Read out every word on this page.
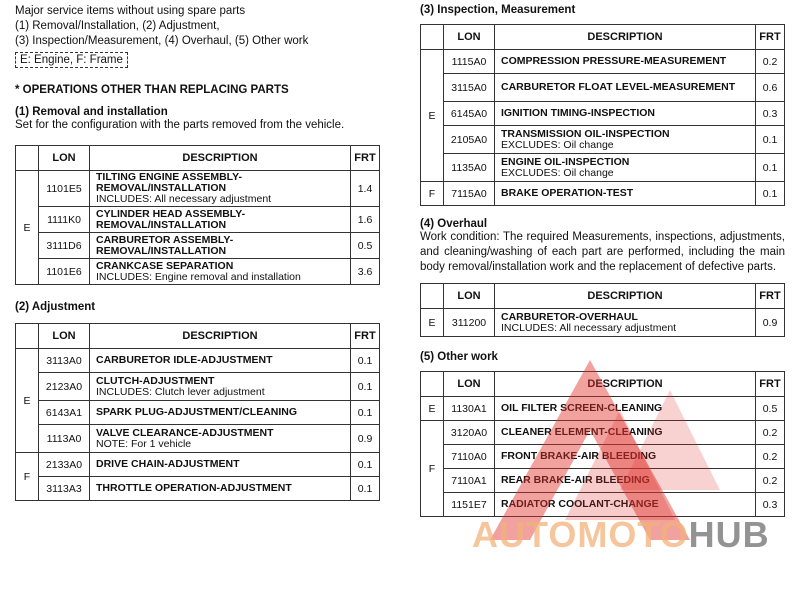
Major service items without using spare parts

(1) Removal/Installation, (2) Adjustment,

(3) Inspection/Measurement, (4) Overhaul, (5) Other work

E: Engine, F: Frame
* OPERATIONS OTHER THAN REPLACING PARTS
(1) Removal and installation

Set for the configuration with the parts removed from the vehicle.

	LON	DESCRIPTION	FRT
E	1101E5	TILTING ENGINE ASSEMBLY-REMOVAL/INSTALLATION
INCLUDES: All necessary adjustment	1.4
	1111K0	CYLINDER HEAD ASSEMBLY-REMOVAL/INSTALLATION	1.6
	3111D6	CARBURETOR ASSEMBLY-REMOVAL/INSTALLATION	0.5
	1101E6	CRANKCASE SEPARATION
INCLUDES: Engine removal and installation	3.6
(2) Adjustment
	LON	DESCRIPTION	FRT
E	3113A0	CARBURETOR IDLE-ADJUSTMENT	0.1
	2123A0	CLUTCH-ADJUSTMENT
INCLUDES: Clutch lever adjustment	0.1
	6143A1	SPARK PLUG-ADJUSTMENT/CLEANING	0.1
	1113A0	VALVE CLEARANCE-ADJUSTMENT
NOTE: For 1 vehicle	0.9
F	2133A0	DRIVE CHAIN-ADJUSTMENT	0.1
	3113A3	THROTTLE OPERATION-ADJUSTMENT	0.1
(3) Inspection, Measurement
	LON	DESCRIPTION	FRT
E	1115A0	COMPRESSION PRESSURE-MEASUREMENT	0.2
	3115A0	CARBURETOR FLOAT LEVEL-MEASUREMENT	0.6
	6145A0	IGNITION TIMING-INSPECTION	0.3
	2105A0	TRANSMISSION OIL-INSPECTION
EXCLUDES: Oil change	0.1
	1135A0	ENGINE OIL-INSPECTION
EXCLUDES: Oil change	0.1
F	7115A0	BRAKE OPERATION-TEST	0.1
(4) Overhaul

Work condition: The required Measurements, inspections, adjustments, and cleaning/washing of each part are performed, including the main body removal/installation work and the replacement of defective parts.

	LON	DESCRIPTION	FRT
E	311200	CARBURETOR-OVERHAUL
INCLUDES: All necessary adjustment	0.9
(5) Other work
	LON	DESCRIPTION	FRT
E	1130A1	OIL FILTER SCREEN-CLEANING	0.5
F	3120A0	CLEANER ELEMENT-CLEANING	0.2
	7110A0	FRONT BRAKE-AIR BLEEDING	0.2
	7110A1	REAR BRAKE-AIR BLEEDING	0.2
	1151E7	RADIATOR COOLANT-CHANGE	0.3
AUTOMOTOHUB
